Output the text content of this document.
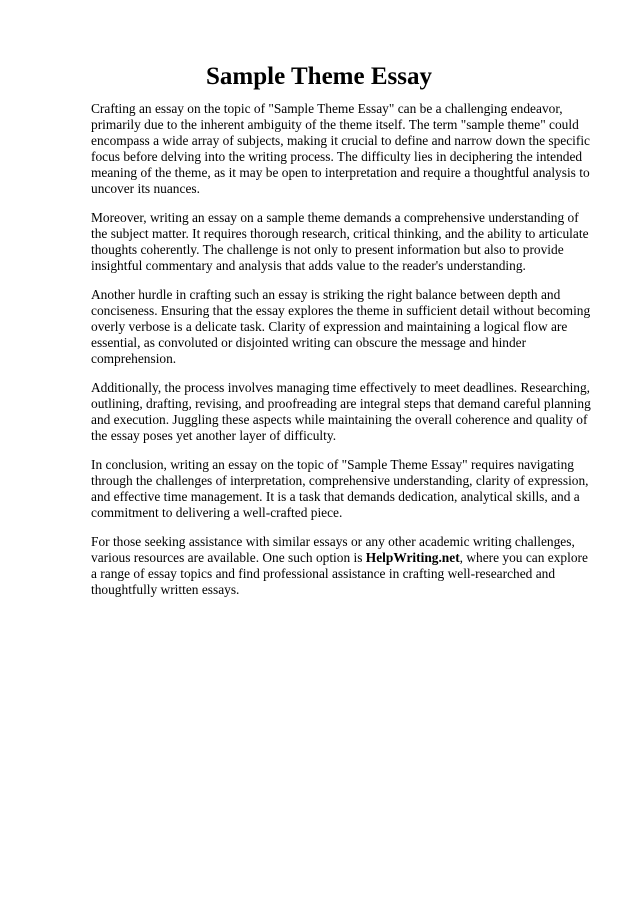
Sample Theme Essay

Crafting an essay on the topic of "Sample Theme Essay" can be a challenging endeavor, primarily due to the inherent ambiguity of the theme itself. The term "sample theme" could encompass a wide array of subjects, making it crucial to define and narrow down the specific focus before delving into the writing process. The difficulty lies in deciphering the intended meaning of the theme, as it may be open to interpretation and require a thoughtful analysis to uncover its nuances.

Moreover, writing an essay on a sample theme demands a comprehensive understanding of the subject matter. It requires thorough research, critical thinking, and the ability to articulate thoughts coherently. The challenge is not only to present information but also to provide insightful commentary and analysis that adds value to the reader's understanding.

Another hurdle in crafting such an essay is striking the right balance between depth and conciseness. Ensuring that the essay explores the theme in sufficient detail without becoming overly verbose is a delicate task. Clarity of expression and maintaining a logical flow are essential, as convoluted or disjointed writing can obscure the message and hinder comprehension.

Additionally, the process involves managing time effectively to meet deadlines. Researching, outlining, drafting, revising, and proofreading are integral steps that demand careful planning and execution. Juggling these aspects while maintaining the overall coherence and quality of the essay poses yet another layer of difficulty.

In conclusion, writing an essay on the topic of "Sample Theme Essay" requires navigating through the challenges of interpretation, comprehensive understanding, clarity of expression, and effective time management. It is a task that demands dedication, analytical skills, and a commitment to delivering a well-crafted piece.

For those seeking assistance with similar essays or any other academic writing challenges, various resources are available. One such option is HelpWriting.net, where you can explore a range of essay topics and find professional assistance in crafting well-researched and thoughtfully written essays.
